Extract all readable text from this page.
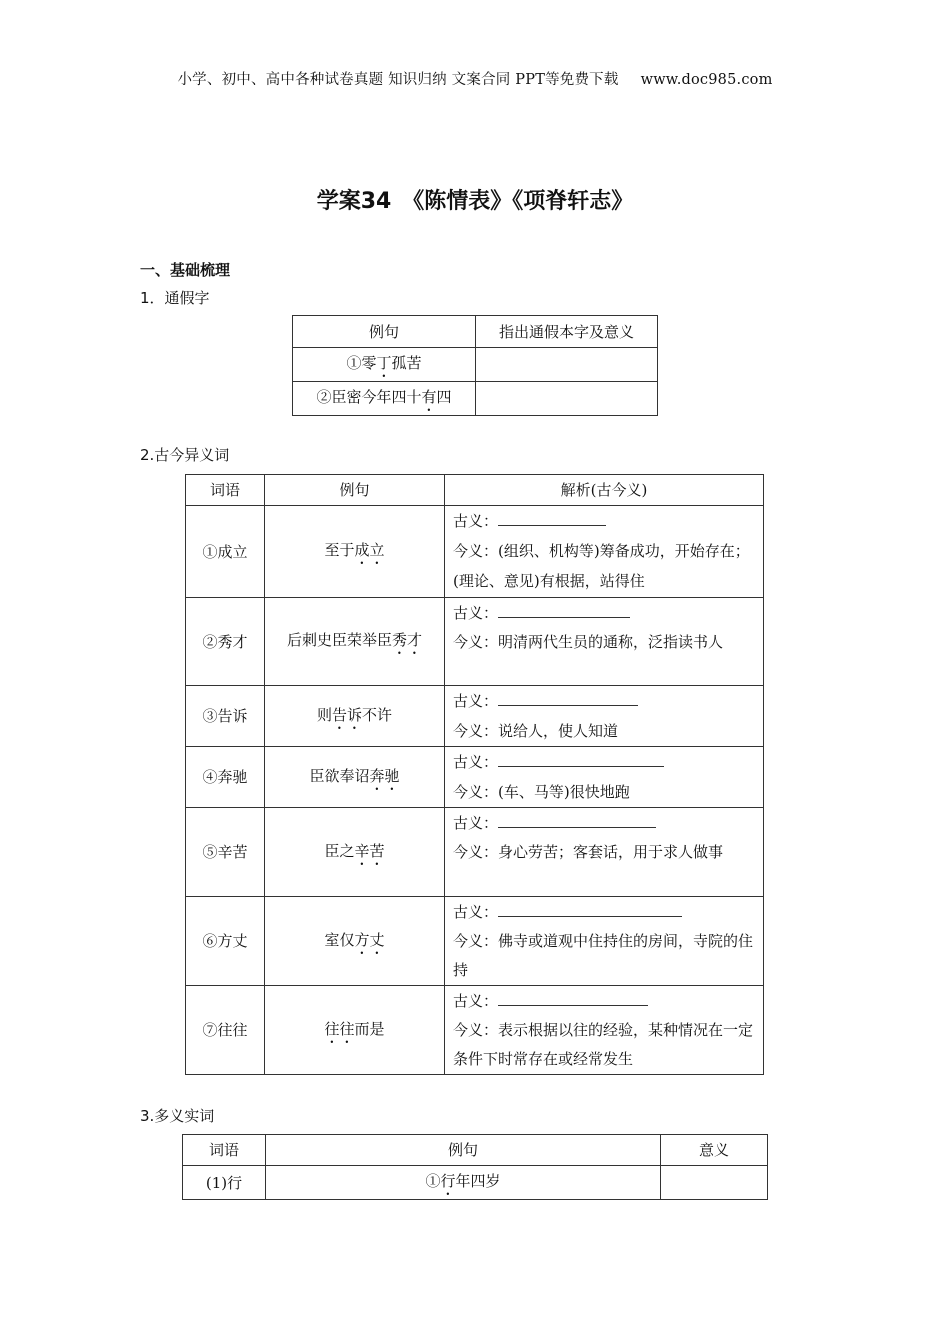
小学、初中、高中各种试卷真题 知识归纳 文案合同 PPT等免费下载 www.doc985.com
学案34　《陈情表》《项脊轩志》
一、基础梳理
1．通假字
例句	指出通假本字及意义
①零丁孤苦	
②臣密今年四十有四	
2.古今异义词
词语	例句	解析(古今义)
①成立	至于成立	古义：
今义：(组织、机构等)筹备成功，开始存在；(理论、意见)有根据，站得住

②秀才	后刺史臣荣举臣秀才	古义：
今义：明清两代生员的通称，泛指读书人

③告诉	则告诉不许	古义：
今义：说给人，使人知道

④奔驰	臣欲奉诏奔驰	古义：
今义：(车、马等)很快地跑

⑤辛苦	臣之辛苦	古义：
今义：身心劳苦；客套话，用于求人做事

⑥方丈	室仅方丈	古义：
今义：佛寺或道观中住持住的房间，寺院的住持

⑦往往	往往而是	古义：
今义：表示根据以往的经验，某种情况在一定条件下时常存在或经常发生
3.多义实词
词语	例句	意义
(1)行	①行年四岁	
